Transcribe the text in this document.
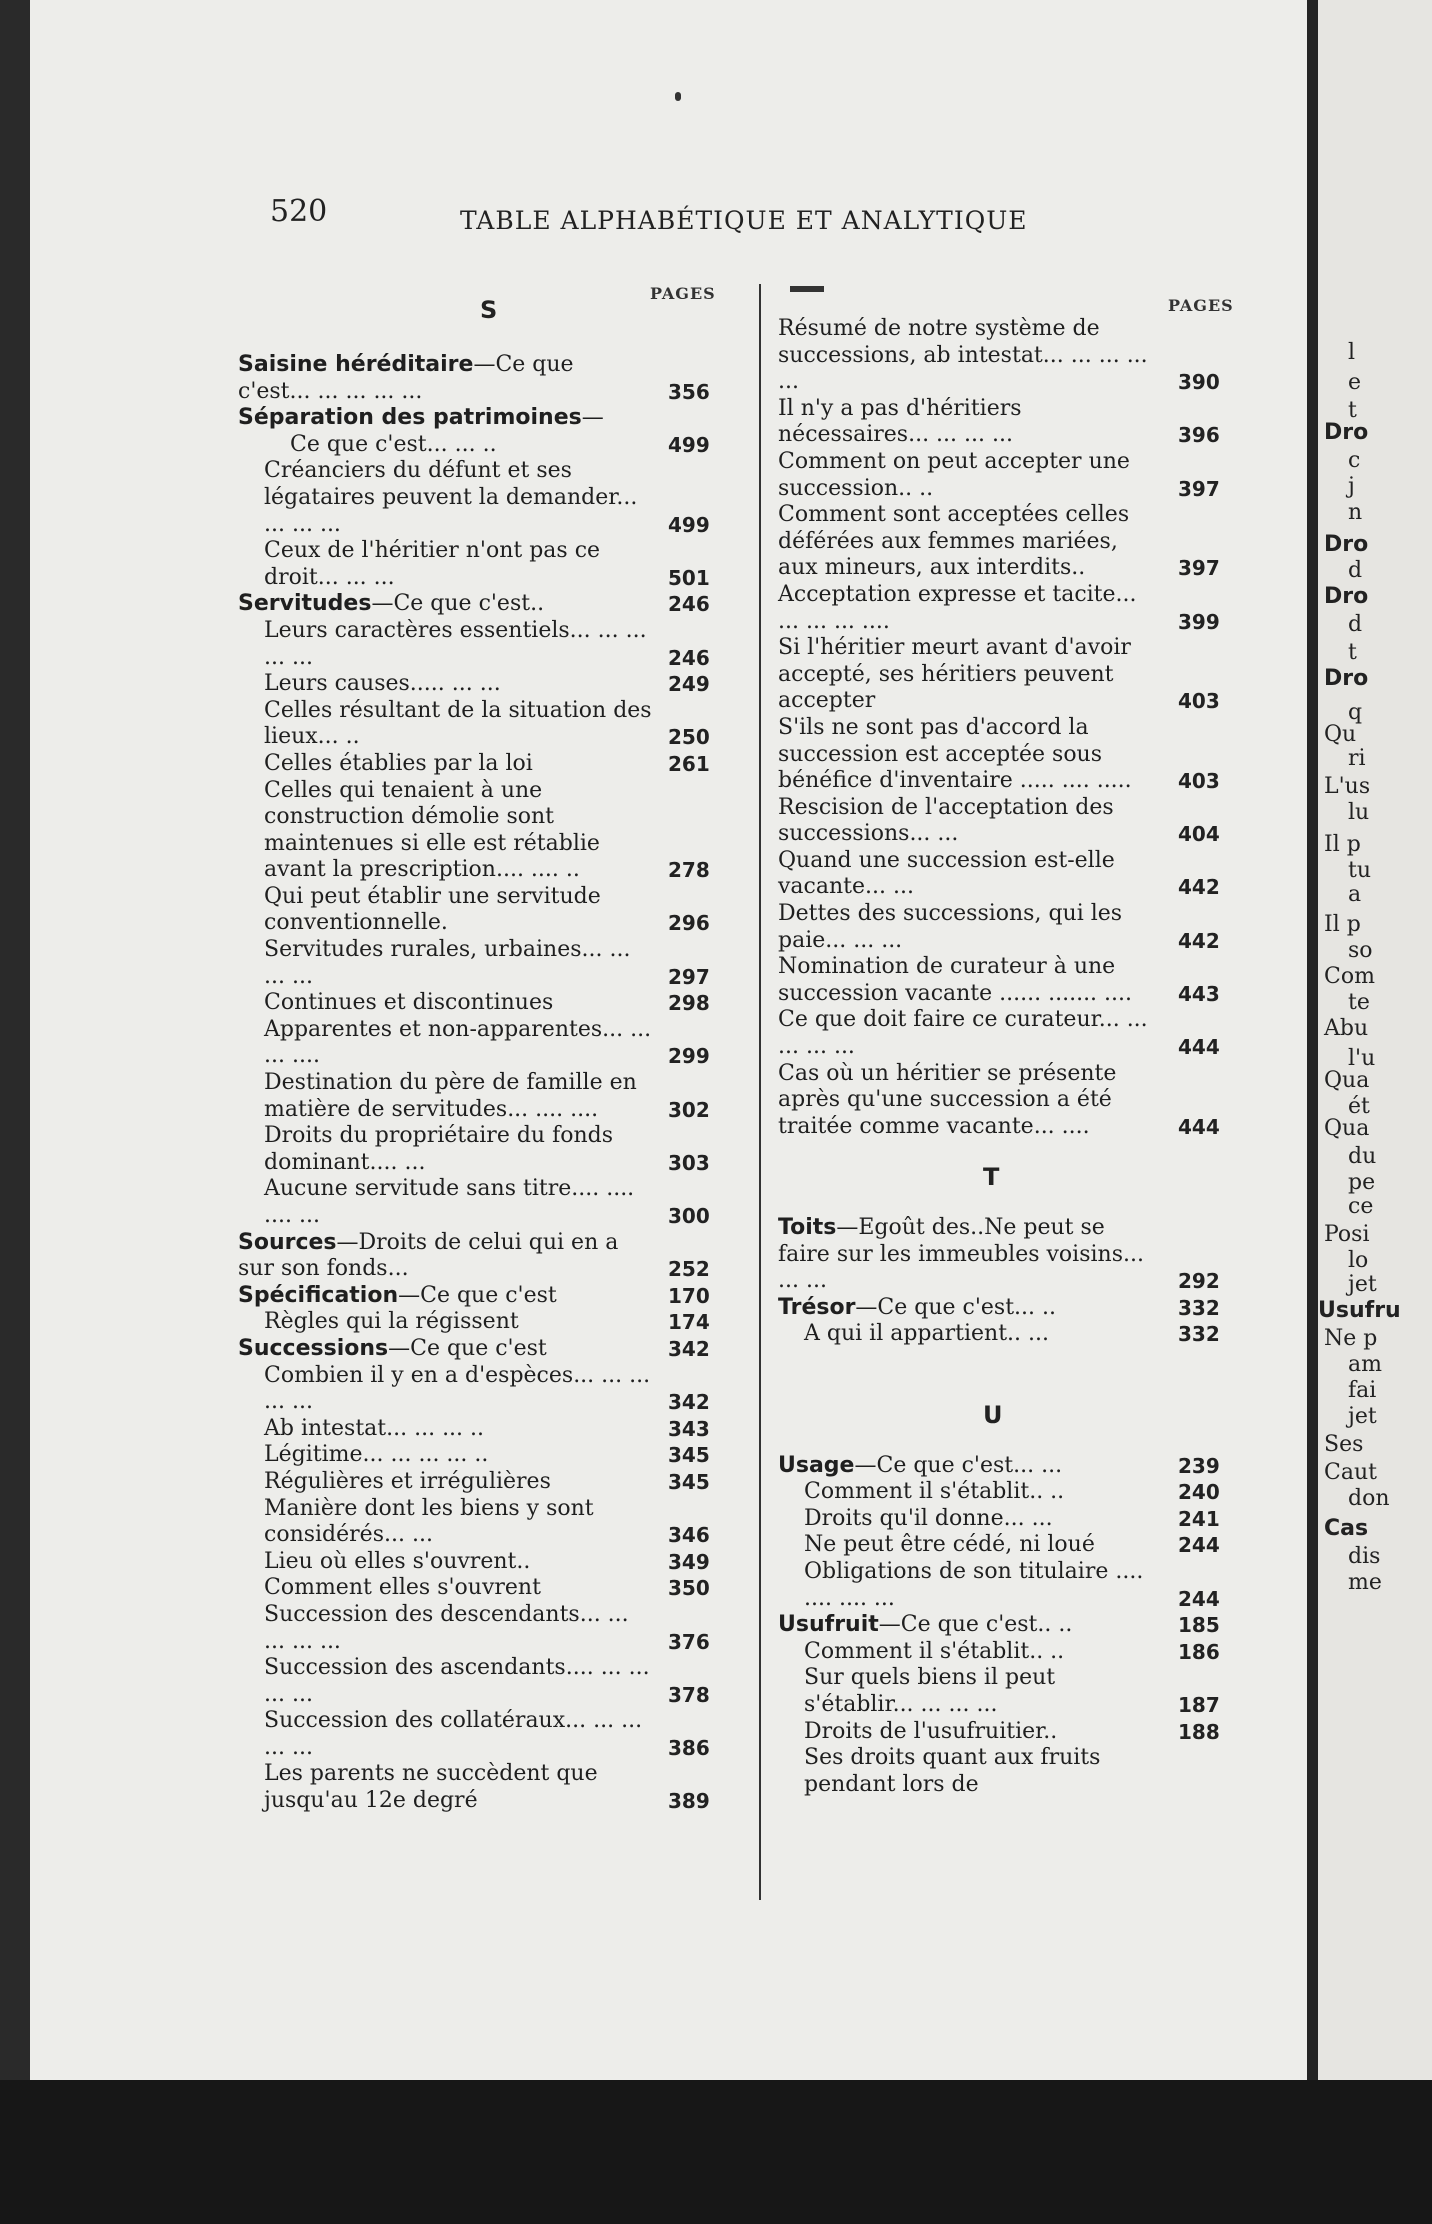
520	TABLE ALPHABÉTIQUE ET ANALYTIQUE
PAGES
PAGES
S
Saisine héréditaire—Ce que c'est... ... ... ... ...	356
Séparation des patrimoines—
Ce que c'est... ... ..	499
Créanciers du défunt et ses légataires peuvent la demander... ... ... ...	499
Ceux de l'héritier n'ont pas ce droit... ... ...	501
Servitudes—Ce que c'est..	246
Leurs caractères essentiels... ... ... ... ...	246
Leurs causes..... ... ...	249
Celles résultant de la situation des lieux... ..	250
Celles établies par la loi	261
Celles qui tenaient à une construction démolie sont maintenues si elle est rétablie avant la prescription.... .... ..	278
Qui peut établir une servitude conventionnelle.	296
Servitudes rurales, urbaines... ... ... ...	297
Continues et discontinues	298
Apparentes et non-apparentes... ... ... ....	299
Destination du père de famille en matière de servitudes... .... ....	302
Droits du propriétaire du fonds dominant.... ...	303
Aucune servitude sans titre.... .... .... ...	300
Sources—Droits de celui qui en a sur son fonds...	252
Spécification—Ce que c'est	170
Règles qui la régissent	174
Successions—Ce que c'est	342
Combien il y en a d'espèces... ... ... ... ...	342
Ab intestat... ... ... ..	343
Légitime... ... ... ... ..	345
Régulières et irrégulières	345
Manière dont les biens y sont considérés... ...	346
Lieu où elles s'ouvrent..	349
Comment elles s'ouvrent	350
Succession des descendants... ... ... ... ...	376
Succession des ascendants.... ... ... ... ...	378
Succession des collatéraux... ... ... ... ...	386
Les parents ne succèdent que jusqu'au 12e degré	389
Résumé de notre système de successions, ab intestat... ... ... ... ...	390
Il n'y a pas d'héritiers nécessaires... ... ... ...	396
Comment on peut accepter une succession.. ..	397
Comment sont acceptées celles déférées aux femmes mariées, aux mineurs, aux interdits..	397
Acceptation expresse et tacite... ... ... ... ....	399
Si l'héritier meurt avant d'avoir accepté, ses héritiers peuvent accepter	403
S'ils ne sont pas d'accord la succession est acceptée sous bénéfice d'inventaire ..... .... .....	403
Rescision de l'acceptation des successions... ...	404
Quand une succession est-elle vacante... ...	442
Dettes des successions, qui les paie... ... ...	442
Nomination de curateur à une succession vacante ...... ....... ....	443
Ce que doit faire ce curateur... ... ... ... ...	444
Cas où un héritier se présente après qu'une succession a été traitée comme vacante... ....	444
T
Toits—Egoût des..Ne peut se faire sur les immeubles voisins... ... ...	292
Trésor—Ce que c'est... ..	332
A qui il appartient.. ...	332
U
Usage—Ce que c'est... ...	239
Comment il s'établit.. ..	240
Droits qu'il donne... ...	241
Ne peut être cédé, ni loué	244
Obligations de son titulaire .... .... .... ...	244
Usufruit—Ce que c'est.. ..	185
Comment il s'établit.. ..	186
Sur quels biens il peut s'établir... ... ... ...	187
Droits de l'usufruitier..	188
Ses droits quant aux fruits pendant lors de
l
e
t
Dro
c
j
n
Dro
d
Dro
d
t
Dro
q
Qu
ri
L'us
lu
Il p
tu
a
Il p
so
Com
te
Abu
l'u
Qua
ét
Qua
du
pe
ce
Posi
lo
jet
Usufru
Ne p
am
fai
jet
Ses
Caut
don
Cas
dis
me
